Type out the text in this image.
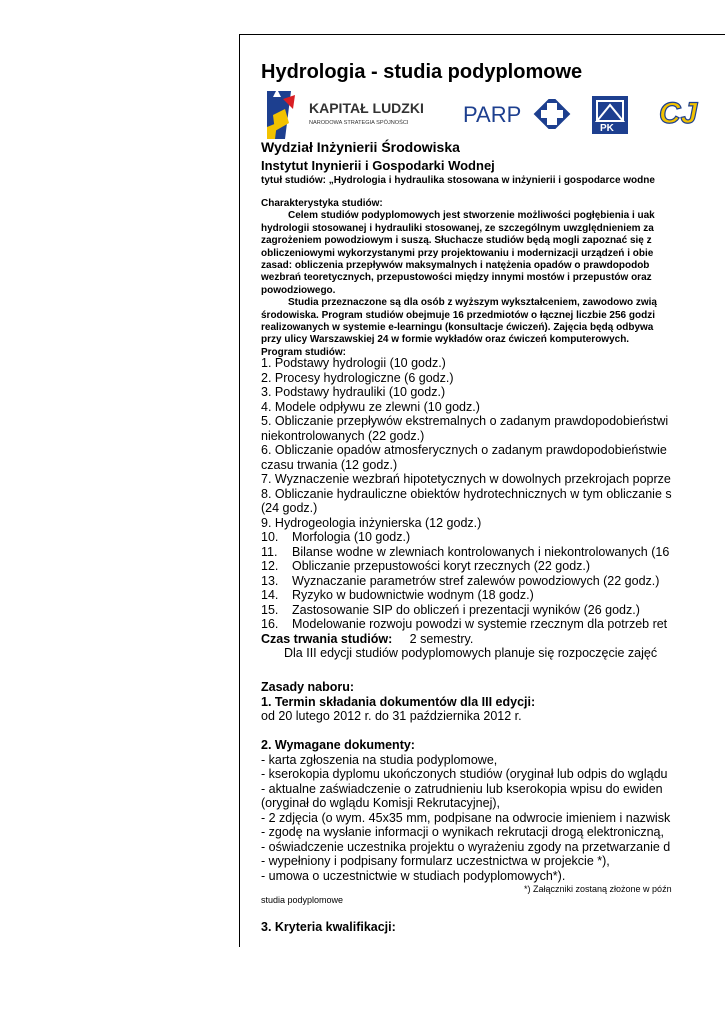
Hydrologia - studia podyplomowe
KAPITAŁ LUDZKI
NARODOWA STRATEGIA SPÓJNOŚCI PARP
PK CJ
Wydział Inżynierii Środowiska
Instytut Inynierii i Gospodarki Wodnej
tytuł studiów: „Hydrologia i hydraulika stosowana w inżynierii i gospodarce wodne
Charakterystyka studiów:
Celem studiów podyplomowych jest stworzenie możliwości pogłębienia i uak
hydrologii stosowanej i hydrauliki stosowanej, ze szczególnym uwzględnieniem za
zagrożeniem powodziowym i suszą. Słuchacze studiów będą mogli zapoznać się z
obliczeniowymi wykorzystanymi przy projektowaniu i modernizacji urządzeń i obie
zasad: obliczenia przepływów maksymalnych i natężenia opadów o prawdopodob
wezbrań teoretycznych, przepustowości między innymi mostów i przepustów oraz
powodziowego.
Studia przeznaczone są dla osób z wyższym wykształceniem, zawodowo zwią
środowiska. Program studiów obejmuje 16 przedmiotów o łącznej liczbie 256 godzi
realizowanych w systemie e-learningu (konsultacje ćwiczeń). Zajęcia będą odbywa
przy ulicy Warszawskiej 24 w formie wykładów oraz ćwiczeń komputerowych.
Program studiów:
1. Podstawy hydrologii (10 godz.)
2. Procesy hydrologiczne (6 godz.)
3. Podstawy hydrauliki (10 godz.)
4. Modele odpływu ze zlewni (10 godz.)
5. Obliczanie przepływów ekstremalnych o zadanym prawdopodobieństwi
niekontrolowanych (22 godz.)
6. Obliczanie opadów atmosferycznych o zadanym prawdopodobieństwie
czasu trwania (12 godz.)
7. Wyznaczenie wezbrań hipotetycznych w dowolnych przekrojach poprze
8. Obliczanie hydrauliczne obiektów hydrotechnicznych w tym obliczanie s
(24 godz.)
9. Hydrogeologia inżynierska (12 godz.)
10. Morfologia (10 godz.)
11. Bilanse wodne w zlewniach kontrolowanych i niekontrolowanych (16
12. Obliczanie przepustowości koryt rzecznych (22 godz.)
13. Wyznaczanie parametrów stref zalewów powodziowych (22 godz.)
14. Ryzyko w budownictwie wodnym (18 godz.)
15. Zastosowanie SIP do obliczeń i prezentacji wyników (26 godz.)
16. Modelowanie rozwoju powodzi w systemie rzecznym dla potrzeb ret
Czas trwania studiów: 2 semestry.
Dla III edycji studiów podyplomowych planuje się rozpoczęcie zajęć
Zasady naboru:
1. Termin składania dokumentów dla III edycji:
od 20 lutego 2012 r. do 31 października 2012 r.

2. Wymagane dokumenty:
- karta zgłoszenia na studia podyplomowe,
- kserokopia dyplomu ukończonych studiów (oryginał lub odpis do wglądu
- aktualne zaświadczenie o zatrudnieniu lub kserokopia wpisu do ewiden
(oryginał do wglądu Komisji Rekrutacyjnej),
- 2 zdjęcia (o wym. 45x35 mm, podpisane na odwrocie imieniem i nazwisk
- zgodę na wysłanie informacji o wynikach rekrutacji drogą elektroniczną,
- oświadczenie uczestnika projektu o wyrażeniu zgody na przetwarzanie d
- wypełniony i podpisany formularz uczestnictwa w projekcie *),
- umowa o uczestnictwie w studiach podyplomowych*).
*) Załączniki zostaną złożone w późn
studia podyplomowe
3. Kryteria kwalifikacji:
